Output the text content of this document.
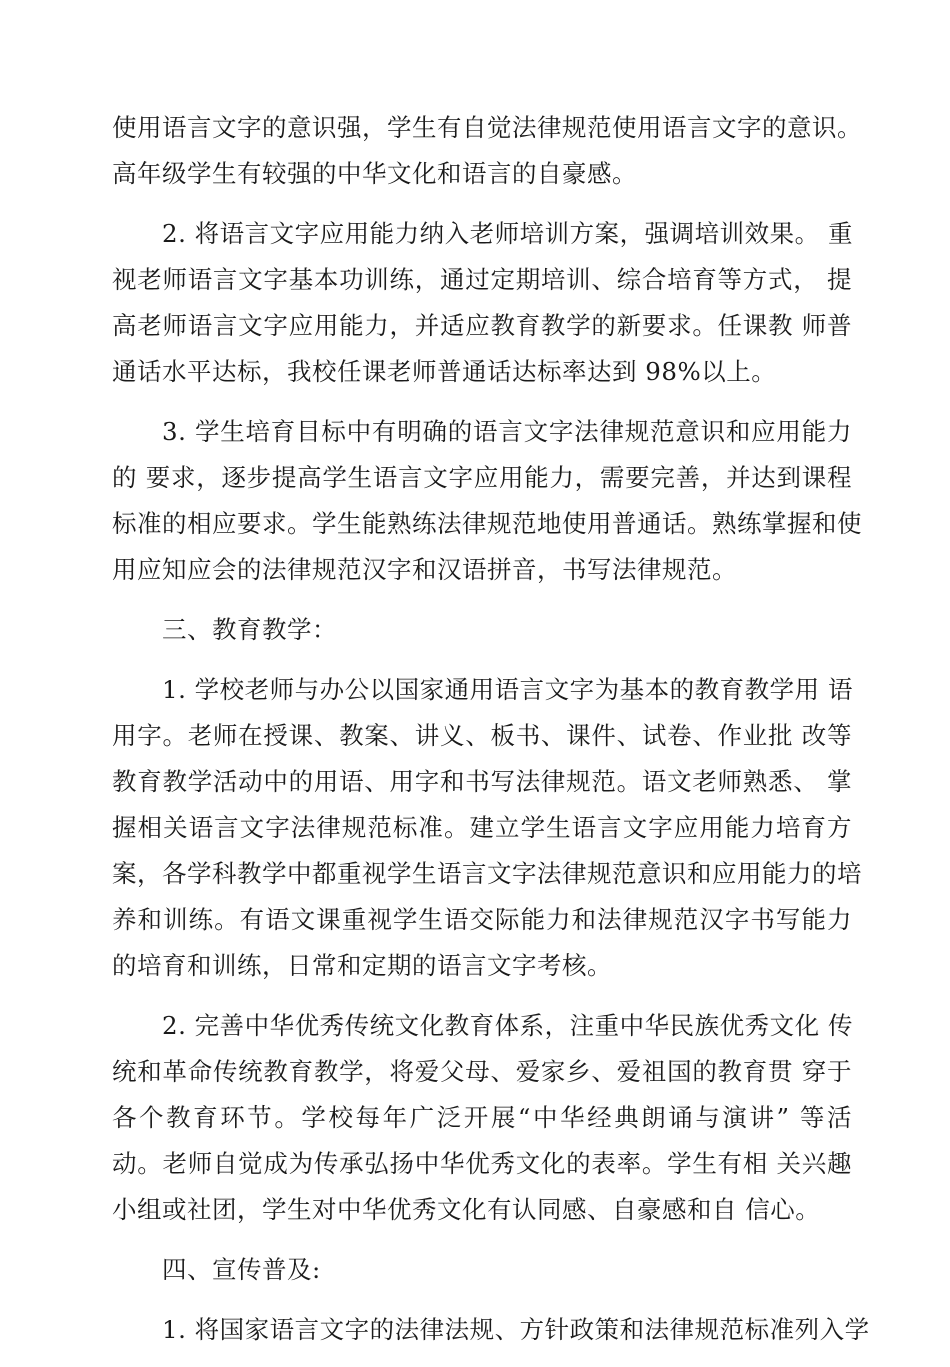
使用语言文字的意识强，学生有自觉法律规范使用语言文字的意识。
高年级学生有较强的中华文化和语言的自豪感。
2. 将语言文字应用能力纳入老师培训方案，强调培训效果。 重
视老师语言文字基本功训练，通过定期培训、综合培育等方式， 提
高老师语言文字应用能力，并适应教育教学的新要求。任课教 师普
通话水平达标，我校任课老师普通话达标率达到 98%以上。
3. 学生培育目标中有明确的语言文字法律规范意识和应用能力
的 要求，逐步提高学生语言文字应用能力，需要完善，并达到课程
标准的相应要求。学生能熟练法律规范地使用普通话。熟练掌握和使
用应知应会的法律规范汉字和汉语拼音，书写法律规范。
三、教育教学：
1. 学校老师与办公以国家通用语言文字为基本的教育教学用 语
用字。老师在授课、教案、讲义、板书、课件、试卷、作业批 改等
教育教学活动中的用语、用字和书写法律规范。语文老师熟悉、 掌
握相关语言文字法律规范标准。建立学生语言文字应用能力培育方
案，各学科教学中都重视学生语言文字法律规范意识和应用能力的培
养和训练。有语文课重视学生语交际能力和法律规范汉字书写能力
的培育和训练，日常和定期的语言文字考核。
2. 完善中华优秀传统文化教育体系，注重中华民族优秀文化 传
统和革命传统教育教学，将爱父母、爱家乡、爱祖国的教育贯 穿于
各个教育环节。学校每年广泛开展“中华经典朗诵与演讲” 等活
动。老师自觉成为传承弘扬中华优秀文化的表率。学生有相 关兴趣
小组或社团，学生对中华优秀文化有认同感、自豪感和自 信心。
四、宣传普及:
1. 将国家语言文字的法律法规、方针政策和法律规范标准列入学
